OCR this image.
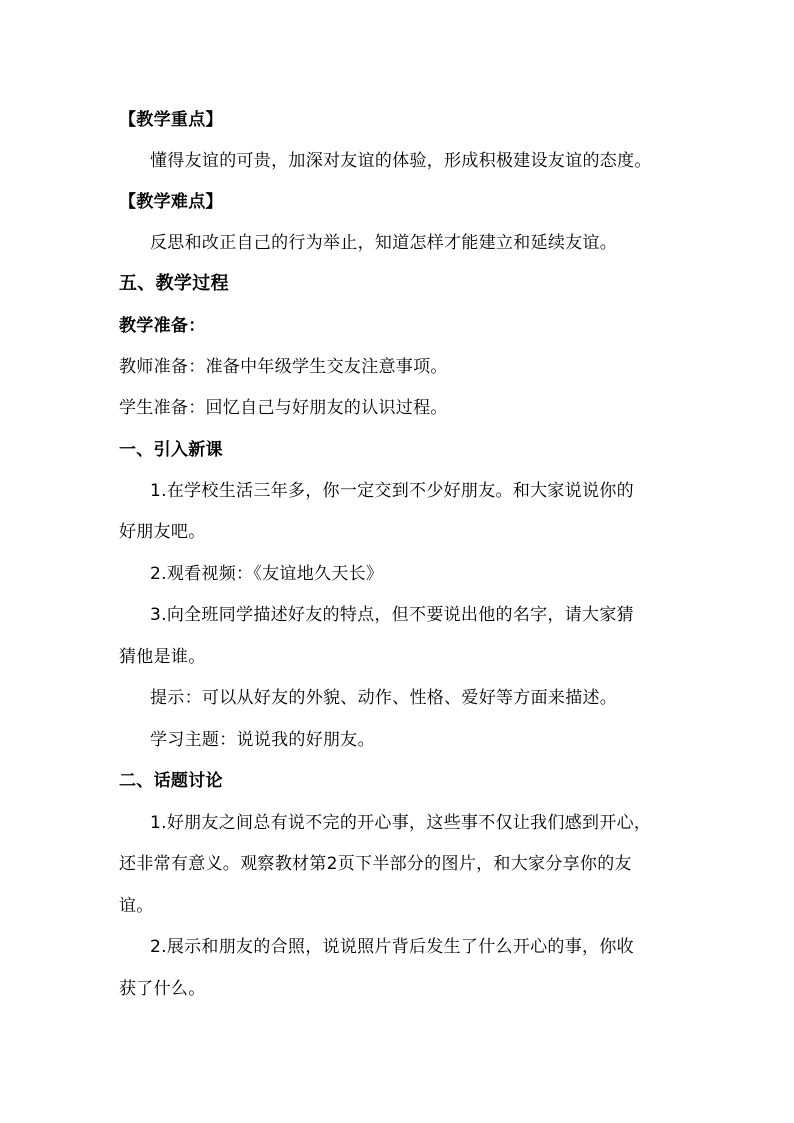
【教学重点】
懂得友谊的可贵，加深对友谊的体验，形成积极建设友谊的态度。
【教学难点】
反思和改正自己的行为举止，知道怎样才能建立和延续友谊。
五、教学过程
教学准备：
教师准备：准备中年级学生交友注意事项。
学生准备：回忆自己与好朋友的认识过程。
一、引入新课
1.在学校生活三年多，你一定交到不少好朋友。和大家说说你的
好朋友吧。
2.观看视频：《友谊地久天长》
3.向全班同学描述好友的特点，但不要说出他的名字，请大家猜
猜他是谁。
提示：可以从好友的外貌、动作、性格、爱好等方面来描述。
学习主题：说说我的好朋友。
二、话题讨论
1.好朋友之间总有说不完的开心事，这些事不仅让我们感到开心，
还非常有意义。观察教材第2页下半部分的图片，和大家分享你的友
谊。
2.展示和朋友的合照，说说照片背后发生了什么开心的事，你收
获了什么。
